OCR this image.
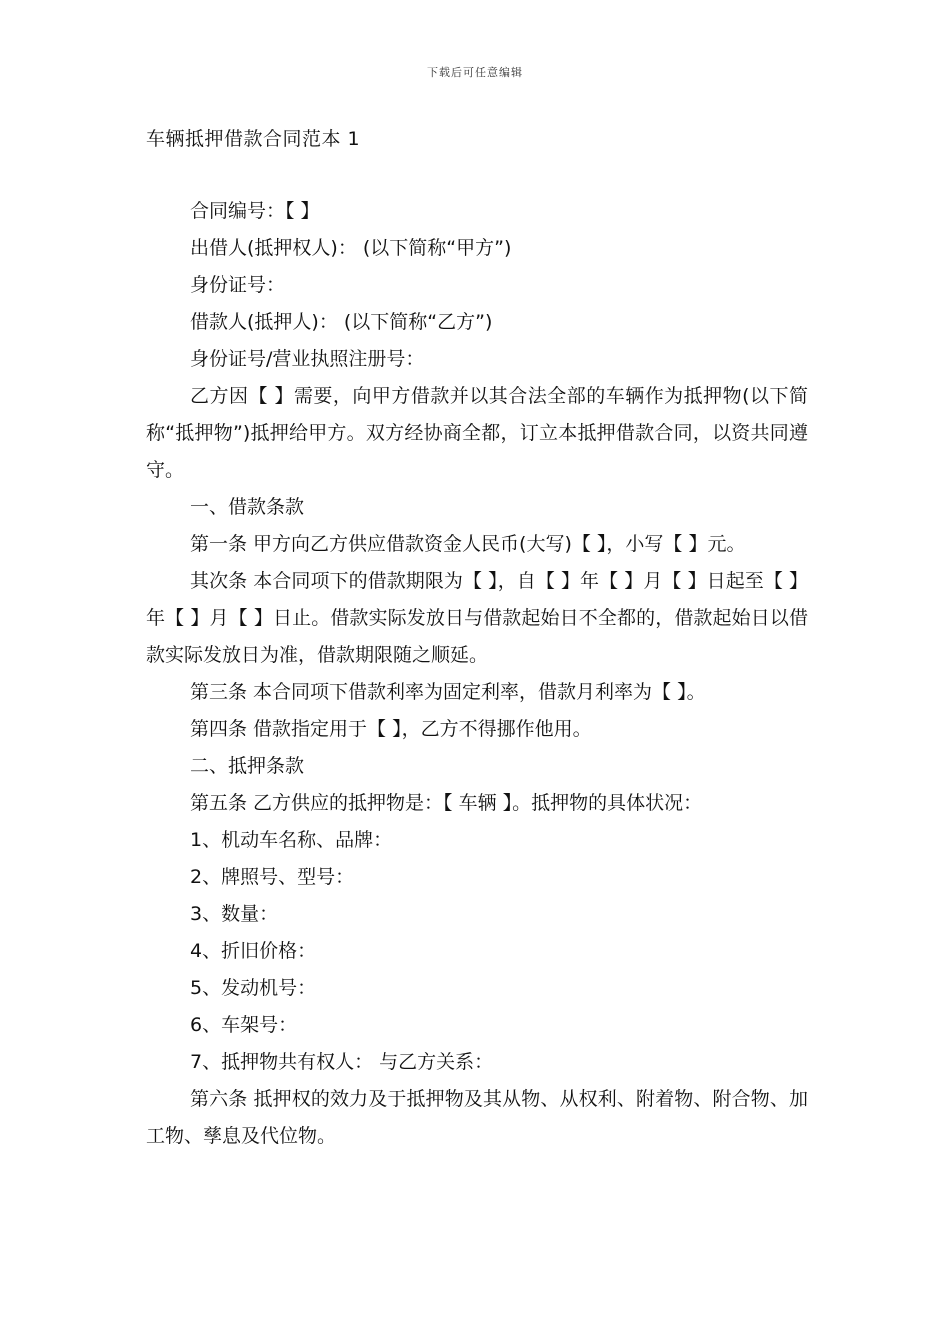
下载后可任意编辑
车辆抵押借款合同范本 1

合同编号：【 】

出借人(抵押权人)： (以下简称“甲方”)

身份证号：

借款人(抵押人)： (以下简称“乙方”)

身份证号/营业执照注册号：

乙方因【 】需要，向甲方借款并以其合法全部的车辆作为抵押物(以下简称“抵押物”)抵押给甲方。双方经协商全都，订立本抵押借款合同，以资共同遵守。

一、借款条款

第一条 甲方向乙方供应借款资金人民币(大写)【 】，小写【 】元。

其次条 本合同项下的借款期限为【 】，自【 】年【 】月【 】日起至【 】年【 】月【 】日止。借款实际发放日与借款起始日不全都的，借款起始日以借款实际发放日为准，借款期限随之顺延。

第三条 本合同项下借款利率为固定利率，借款月利率为【 】。

第四条 借款指定用于【 】，乙方不得挪作他用。

二、抵押条款

第五条 乙方供应的抵押物是：【 车辆 】。抵押物的具体状况：

1、机动车名称、品牌：

2、牌照号、型号：

3、数量：

4、折旧价格：

5、发动机号：

6、车架号：

7、抵押物共有权人： 与乙方关系：

第六条 抵押权的效力及于抵押物及其从物、从权利、附着物、附合物、加工物、孳息及代位物。
